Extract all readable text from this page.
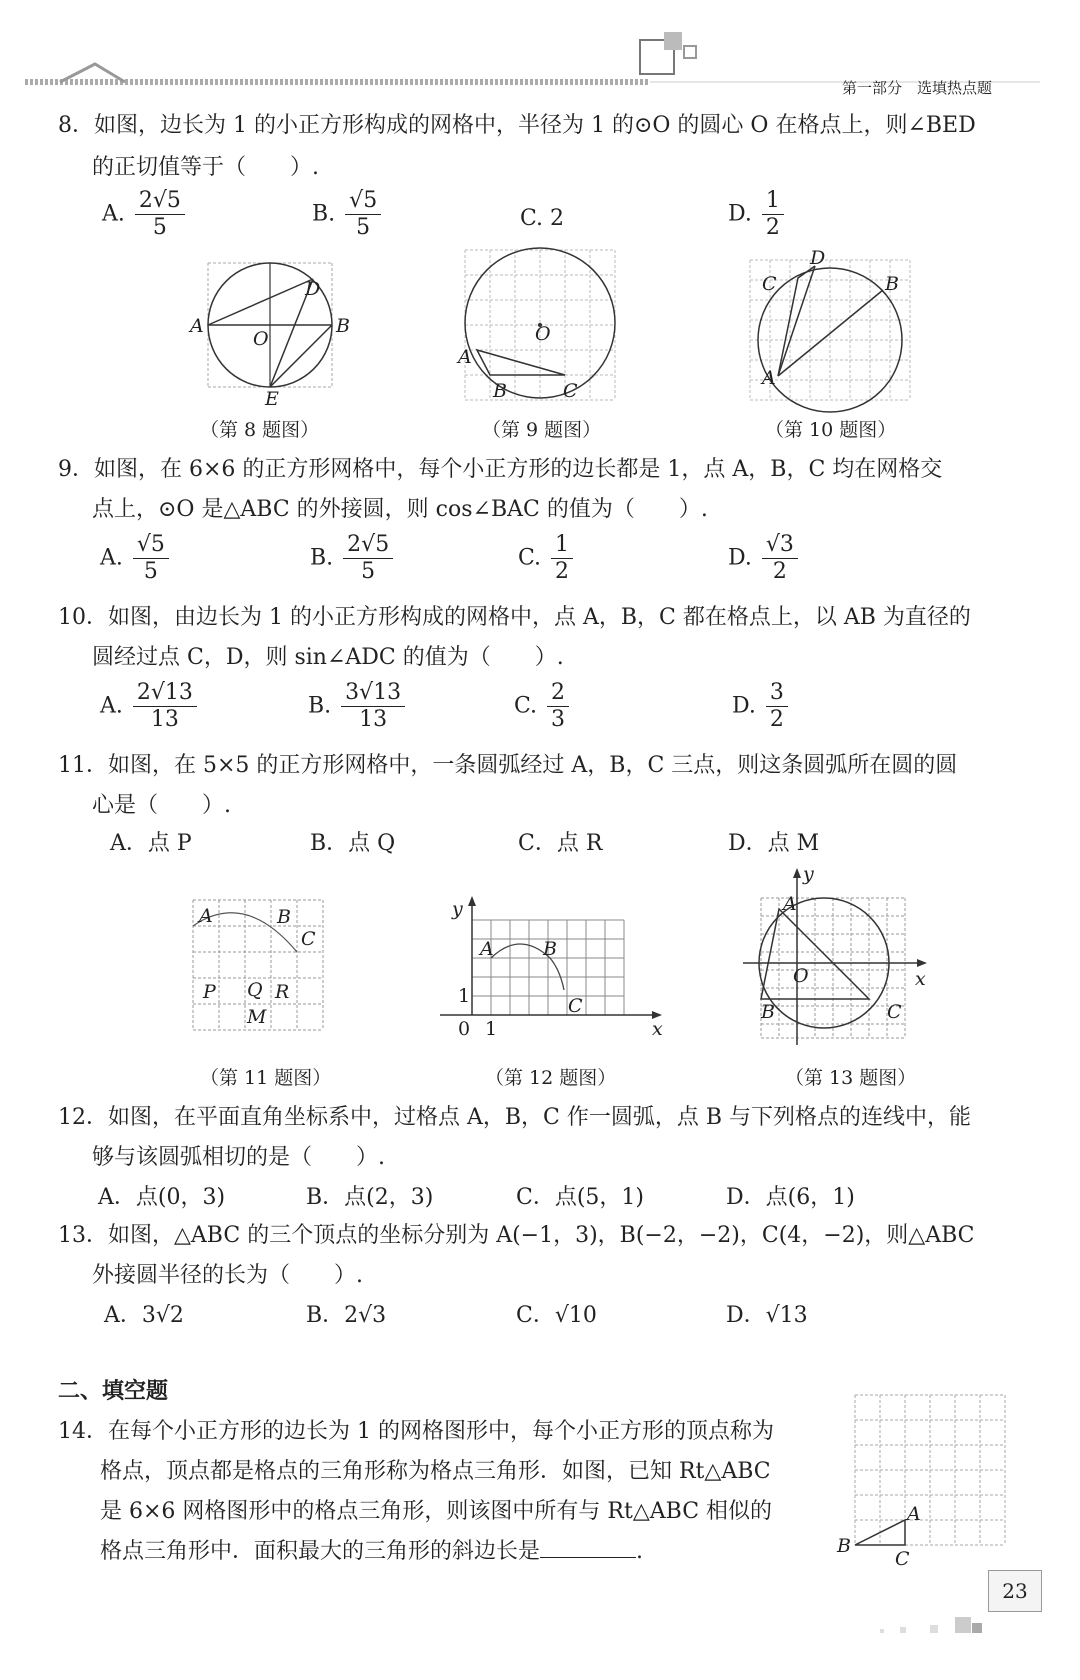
第一部分　选填热点题
8．如图，边长为 1 的小正方形构成的网格中，半径为 1 的⊙O 的圆心 O 在格点上，则∠BED
的正切值等于（　　）.
A. $\frac{2√5}{5}$	B. $\frac{√5}{5}$	C. 2	D. $\frac{1}{2}$
A	B
D
O
E
（第 8 题图）
O
A
B	C
（第 9 题图）
D
C	B
A
（第 10 题图）
9．如图，在 6×6 的正方形网格中，每个小正方形的边长都是 1，点 A，B，C 均在网格交
点上，⊙O 是△ABC 的外接圆，则 cos∠BAC 的值为（　　）.
A. $\frac{√5}{5}$	B. $\frac{2√5}{5}$	C. $\frac{1}{2}$	D. $\frac{√3}{2}$
10．如图，由边长为 1 的小正方形构成的网格中，点 A，B，C 都在格点上，以 AB 为直径的
圆经过点 C，D，则 sin∠ADC 的值为（　　）.
A. $\frac{2√13}{13}$	B. $\frac{3√13}{13}$	C. $\frac{2}{3}$	D. $\frac{3}{2}$
11．如图，在 5×5 的正方形网格中，一条圆弧经过 A，B，C 三点，则这条圆弧所在圆的圆
心是（　　）.
A．点 P	B．点 Q	C．点 R	D．点 M
A	B
C
P Q R
M
（第 11 题图）
y
x
A	B
C
1
1
0
（第 12 题图）
y
x
A
O
B	C
（第 13 题图）
12．如图，在平面直角坐标系中，过格点 A，B，C 作一圆弧，点 B 与下列格点的连线中，能
够与该圆弧相切的是（　　）.
A．点(0，3)	B．点(2，3)	C．点(5，1)	D．点(6，1)
13．如图，△ABC 的三个顶点的坐标分别为 A(−1，3)，B(−2，−2)，C(4，−2)，则△ABC
外接圆半径的长为（　　）.
A．3√2	B．2√3	C．√10	D．√13
二、填空题
14．在每个小正方形的边长为 1 的网格图形中，每个小正方形的顶点称为
格点，顶点都是格点的三角形称为格点三角形．如图，已知 Rt△ABC
是 6×6 网格图形中的格点三角形，则该图中所有与 Rt△ABC 相似的
格点三角形中．面积最大的三角形的斜边长是	.
A
B
C
23
